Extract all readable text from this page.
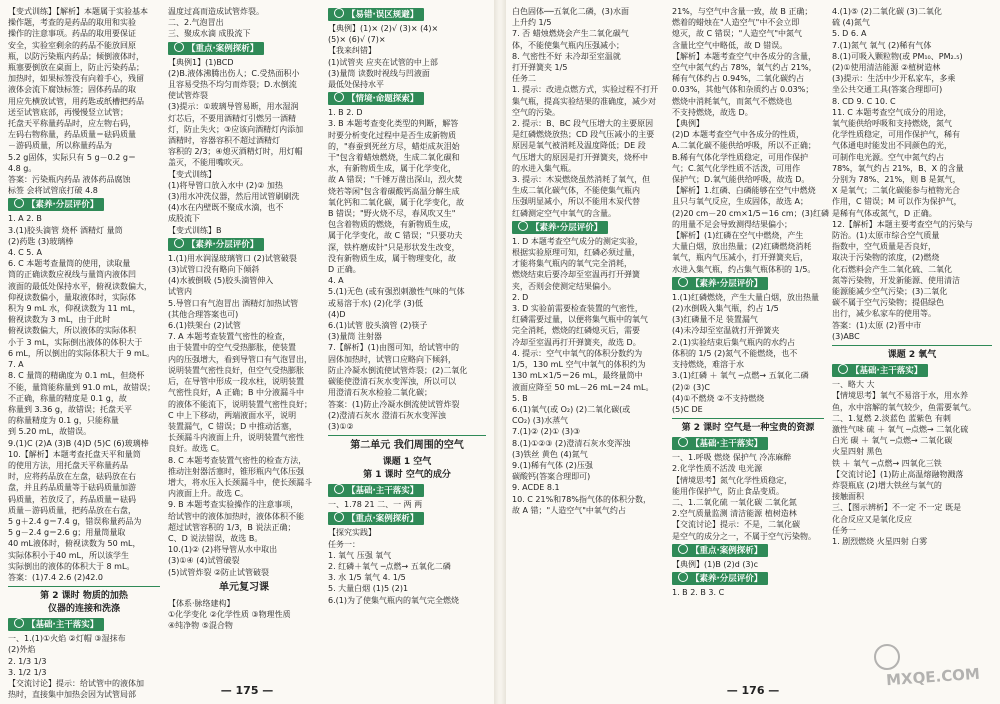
【变式训练】【解析】本题属于实验基本
操作题，考查的是药品的取用和实验
操作的注意事项。药品的取用要保证
安全，实验室剩余的药品不能放回原
瓶，以防污染瓶内药品；倾倒液体时，
瓶塞要倒放在桌面上，防止污染药品；
加热时，如果标签没有向着手心，残留
液体会流下腐蚀标签；固体药品的取
用应先横放试管，用药匙或纸槽把药品
送至试管底部，再慢慢竖立试管；
托盘天平称量药品时，应左物右码，
左码右物称量，药品质量＝砝码质量
－游码质量，所以称量药品为
5.2 g固体，实际只有 5 g－0.2 g＝
4.8 g。
答案：污染瓶内药品 液体药品腐蚀
标签 会将试管底打破 4.8
【素养·分层评价】
1. A 2. B
3.(1)胶头滴管 烧杯 酒精灯 量筒
(2)药匙 (3)玻璃棒
4. C 5. A
6. C 本题考查量筒的使用，读取量
筒的正确读数应视线与量筒内液体凹
液面的最低处保持水平，俯视读数偏大，
仰视读数偏小，量取液体时，实际体
积为 9 mL 水，仰视读数为 11 mL，
俯视读数为 3 mL，由于此时
俯视读数偏大，所以液体的实际体积
小于 3 mL，实际倒出液体的体积大于
6 mL，所以倒出的实际体积大于 9 mL。
7. A
8. C 量筒的精确度为 0.1 mL，但烧杯
不能，量筒能称量到 91.0 mL，故错误；
不正确，称量的精度是 0.1 g，故
称量到 3.36 g，故错误；托盘天平
的称量精度为 0.1 g，只能称量
到 5.20 mL，故错误。
9.(1)C (2)A (3)B (4)D (5)C (6)玻璃棒
10.【解析】本题考查托盘天平和量筒
的使用方法，用托盘天平称量药品
时，应将药品放在左盘，砝码放在右
盘，并且药品质量等于砝码质量加游
码质量，若放反了，药品质量＝砝码
质量－游码质量，把药品放在右盘，
5 g＋2.4 g＝7.4 g，错误称量药品为
5 g－2.4 g＝2.6 g；用量筒量取
40 mL液体时，俯视读数为 50 mL，
实际体积小于40 mL，所以该学生
实际倒出的液体的体积大于 8 mL。
答案：(1)7.4 2.6 (2)42.0
第 2 课时 物质的加热
仪器的连接和洗涤
【基础·主干落实】
一、1.(1)①火焰 ②灯帽 ③湿抹布
(2)外焰
2. 1/3 1/3
3. 1/2 1/3
【交流讨论】提示：给试管中的液体加
热时，直接集中加热会因为试管局部
温度过高而造成试管炸裂。
二、2.气泡冒出
三、聚成水滴 成股流下
【重点·案例探析】
【典例1】(1)BCD
(2)B.液体沸腾出伤人；C.受热面积小
且容易受热不均匀而炸裂；D.水倒流
使试管炸裂
(3)提示：①玻璃导管易断，用水湿润
灯芯后，不要用酒精灯引燃另一酒精
灯，防止失火；③应该向酒精灯内添加
酒精时，容器容积不超过酒精灯
容积的 2/3；④熄灭酒精灯时，用灯帽
盖灭，不能用嘴吹灭。
【变式训练】
(1)将导管口放入水中 (2)② 加热
(3)用水冲洗仪器，然后用试管刷刷洗
(4)水在内壁既不聚成水滴，也不
成股流下
【变式训练】B
【素养·分层评价】
1.(1)用水润湿玻璃管口 (2)试管破裂
(3)试管口没有略向下倾斜
(4)水被倒吸 (5)胶头滴管伸入
试管内
5.导管口有气泡冒出 酒精灯加热试管
(其他合理答案也可)
6.(1)铁架台 (2)试管
7. A 本题考查装置气密性的检查，
由于装置中的空气受热膨胀，使装置
内的压强增大，看到导管口有气泡冒出，
说明装置气密性良好，但空气受热膨胀
后，在导管中形成一段水柱，说明装置
气密性良好，A 正确；B 中分液漏斗中
的液体不能流下，说明装置气密性良好；
C 中上下移动，两端液面水平，说明
装置漏气，C 错误；D 中推动活塞，
长颈漏斗内液面上升，说明装置气密性
良好。故选 C。
8. C 本题考查装置气密性的检查方法，
推动注射器活塞时，锥形瓶内气体压强
增大，将水压入长颈漏斗中，使长颈漏斗
内液面上升。故选 C。
9. B 本题考查实验操作的注意事项，
给试管中的液体加热时，液体体积不能
超过试管容积的 1/3，B 说法正确；
C、D 说法错误，故选 B。
10.(1)② (2)将导管从水中取出
(3)①④ (4)试管破裂
(5)试管炸裂 ②防止试管破裂
单元复习课
【体系·脉络建构】
①化学变化 ②化学性质 ③物理性质
④纯净物 ⑤混合物
【易错·误区规避】
【典例】(1)× (2)√ (3)× (4)×
(5)× (6)√ (7)×
【我来纠错】
(1)试管夹 应夹在试管的中上部
(3)量筒 读数时视线与凹液面
最低处保持水平
【情境·命题探索】
1. B 2. D
3. B 本题考查变化类型的判断，解答
时要分析变化过程中是否生成新物质
的，"春蚕到死丝方尽，蜡炬成灰泪始
干"包含着蜡烛燃烧，生成二氧化碳和
水，有新物质生成，属于化学变化，
故 A 错误；"千锤万凿出深山，烈火焚
烧若等闲"包含着碳酸钙高温分解生成
氧化钙和二氧化碳，属于化学变化，故
B 错误；"野火烧不尽，春风吹又生"
包含着物质的燃烧，有新物质生成，
属于化学变化，故 C 错误；"只要功夫
深，铁杵磨成针"只是形状发生改变，
没有新物质生成，属于物理变化，故
D 正确。
4. A
5.(1)无色 (或有强烈刺激性气味的气体
或易溶于水) (2)化学 (3)低
(4)D
6.(1)试管 胶头滴管 (2)筷子
(3)量筒 注射器
7.【解析】(1)由图可知，给试管中的
固体加热时，试管口应略向下倾斜，
防止冷凝水倒流使试管炸裂；(2)二氧化
碳能使澄清石灰水变浑浊，所以可以
用澄清石灰水检验二氧化碳；
答案：(1)防止冷凝水倒流使试管炸裂
(2)澄清石灰水 澄清石灰水变浑浊
(3)①②
第二单元 我们周围的空气
课题 1 空气
第 1 课时 空气的成分
【基础·主干落实】
一、1.78 21 二、一 两 两
【重点·案例探析】
【探究实践】
任务一：
1. 氧气 压强 氧气
2. 红磷＋氧气 ─点燃→ 五氧化二磷
3. 水 1/5 氧气 4. 1/5
5. 大量白烟 (1)5 (2)1
6.(1)为了使集气瓶内的氧气完全燃烧
— 175 —
白色固体──五氧化二磷，(3)水面
上升约 1/5
7. 否 蜡烛燃烧会产生二氧化碳气
体，不能使集气瓶内压强减小；
8. 气密性不好 未冷却至室温就
打开弹簧夹 1/5
任务二
1. 提示：改进点燃方式，实验过程不打开
集气瓶，提高实验结果的准确度，减少对
空气的污染。
2. 提示：B、BC 段气压增大的主要原因
是红磷燃烧放热；CD 段气压减小的主要
原因是氧气被消耗及温度降低；DE 段
气压增大的原因是打开弹簧夹，烧杯中
的水进入集气瓶。
3. 提示：木炭燃烧虽然消耗了氧气，但
生成二氧化碳气体，不能使集气瓶内
压强明显减小，所以不能用木炭代替
红磷测定空气中氧气的含量。
【素养·分层评价】
1. D 本题考查空气成分的测定实验，
根据实验原理可知，红磷必须过量，
才能将集气瓶内的氧气完全消耗，
燃烧结束后要冷却至室温再打开弹簧
夹，否则会使测定结果偏小。
2. D
3. D 实验前需要检查装置的气密性，
红磷需要过量，以便将集气瓶中的氧气
完全消耗，燃烧的红磷熄灭后，需要
冷却至室温再打开弹簧夹，故选 D。
4. 提示：空气中氧气的体积分数约为
1/5，130 mL 空气中氧气的体积约为
130 mL×1/5＝26 mL，最终量筒中
液面应降至 50 mL－26 mL＝24 mL。
5. B
6.(1)氧气(或 O₂) (2)二氧化碳(或
CO₂) (3)水蒸气
7.(1)② (2)① (3)③
8.(1)①②③ (2)澄清石灰水变浑浊
(3)铁丝 黄色 (4)氮气
9.(1)稀有气体 (2)压强
碳酸钙(答案合理即可)
9. ACDE 8.1
10. C 21%和78%指气体的体积分数，
故 A 错；"人造空气"中氧气约占
21%，与空气中含量一致，故 B 正确；
燃着的蜡烛在"人造空气"中不会立即
熄灭，故 C 错误；"人造空气"中氮气
含量比空气中略低，故 D 错误。
【解析】本题考查空气中各成分的含量，
空气中氮气约占 78%，氧气约占 21%，
稀有气体约占 0.94%，二氧化碳约占
0.03%，其他气体和杂质约占 0.03%；
燃烧中消耗氧气，而氮气不燃烧也
不支持燃烧，故选 D。
【典例】
(2)D 本题考查空气中各成分的性质，
A.二氧化碳不能供给呼吸，所以不正确；
B.稀有气体化学性质稳定，可用作保护
气；C.氮气化学性质不活泼，可用作
保护气；D.氧气能供给呼吸，故选 D。
【解析】1.红磷、白磷能够在空气中燃烧
且只与氧气反应，生成固体，故选 A；
(2)20 cm－20 cm×1/5＝16 cm；(3)红磷
的用量不足会导致测得结果偏小；
【解析】(1)红磷在空气中燃烧，产生
大量白烟，放出热量；(2)红磷燃烧消耗
氧气，瓶内气压减小，打开弹簧夹后，
水进入集气瓶，约占集气瓶体积的 1/5。
【素养·分层评价】
1.(1)红磷燃烧，产生大量白烟，放出热量
(2)水倒吸入集气瓶，约占 1/5
(3)红磷量不足 装置漏气
(4)未冷却至室温就打开弹簧夹
2.(1)实验结束后集气瓶内的水约占
体积的 1/5 (2)氮气不能燃烧，也不
支持燃烧，难溶于水
3.(1)红磷 ＋ 氧气 ─点燃→ 五氧化二磷
(2)② (3)C
(4)①不燃烧 ②不支持燃烧
(5)C DE
第 2 课时 空气是一种宝贵的资源
【基础·主干落实】
一、1.呼吸 燃烧 保护气 冷冻麻醉
2.化学性质不活泼 电光源
【情境思考】氮气化学性质稳定，
能用作保护气，防止食品变质。
二、1.二氧化硫 一氧化碳 二氧化氮
2.空气质量监测 清洁能源 植树造林
【交流讨论】提示：不是，二氧化碳
是空气的成分之一，不属于空气污染物。
【重点·案例探析】
【典例】(1)B (2)d (3)c
【素养·分层评价】
1. B 2. B 3. C
4.(1)⑤ (2)二氧化碳 (3)二氧化
硫 (4)氮气
5. D 6. A
7.(1)氮气 氧气 (2)稀有气体
8.(1)可吸入颗粒物(或 PM₁₀、PM₂.₅)
(2)①使用清洁能源 ②植树造林
(3)提示：生活中少开私家车，多乘
坐公共交通工具(答案合理即可)
8. CD 9. C 10. C
11. C 本题考查空气成分的用途，
氧气能供给呼吸和支持燃烧，氮气
化学性质稳定，可用作保护气，稀有
气体通电时能发出不同颜色的光，
可制作电光源。空气中氮气约占
78%，氧气约占 21%，B、X 的含量
分别为 78%、21%，则 B 是氮气，
X 是氧气；二氧化碳能参与植物光合
作用，C 错误；M 可以作为保护气，
是稀有气体或氮气，D 正确。
12.【解析】本题主要考查空气的污染与
防治。(1)太原市综合空气质量
指数中，空气质量是否良好，
取决于污染物的浓度，(2)燃烧
化石燃料会产生二氧化硫、二氧化
氮等污染物，开发新能源、使用清洁
能源能减少空气污染；(3)二氧化
碳不属于空气污染物；提倡绿色
出行，减少私家车的使用等。
答案：(1)太原 (2)晋中市
(3)ABC
课题 2 氧气
【基础·主干落实】
一、略大 大
【情境思考】氧气不易溶于水，用水养
鱼，水中溶解的氧气较少，鱼需要氧气。
二、1.复燃 2.淡蓝色 蓝紫色 有刺
激性气味 硫 ＋ 氧气 ─点燃→ 二氧化硫
白光 碳 ＋ 氧气 ─点燃→ 二氧化碳
火星四射 黑色
铁 ＋ 氧气 ─点燃→ 四氧化三铁
【交流讨论】(1)防止高温熔融物溅落
炸裂瓶底 (2)增大铁丝与氧气的
接触面积
三、【图示辨析】不一定 不一定 既是
化合反应又是氧化反应
任务一
1. 剧烈燃烧 火星四射 白雾
— 176 —
MXQE.COM
